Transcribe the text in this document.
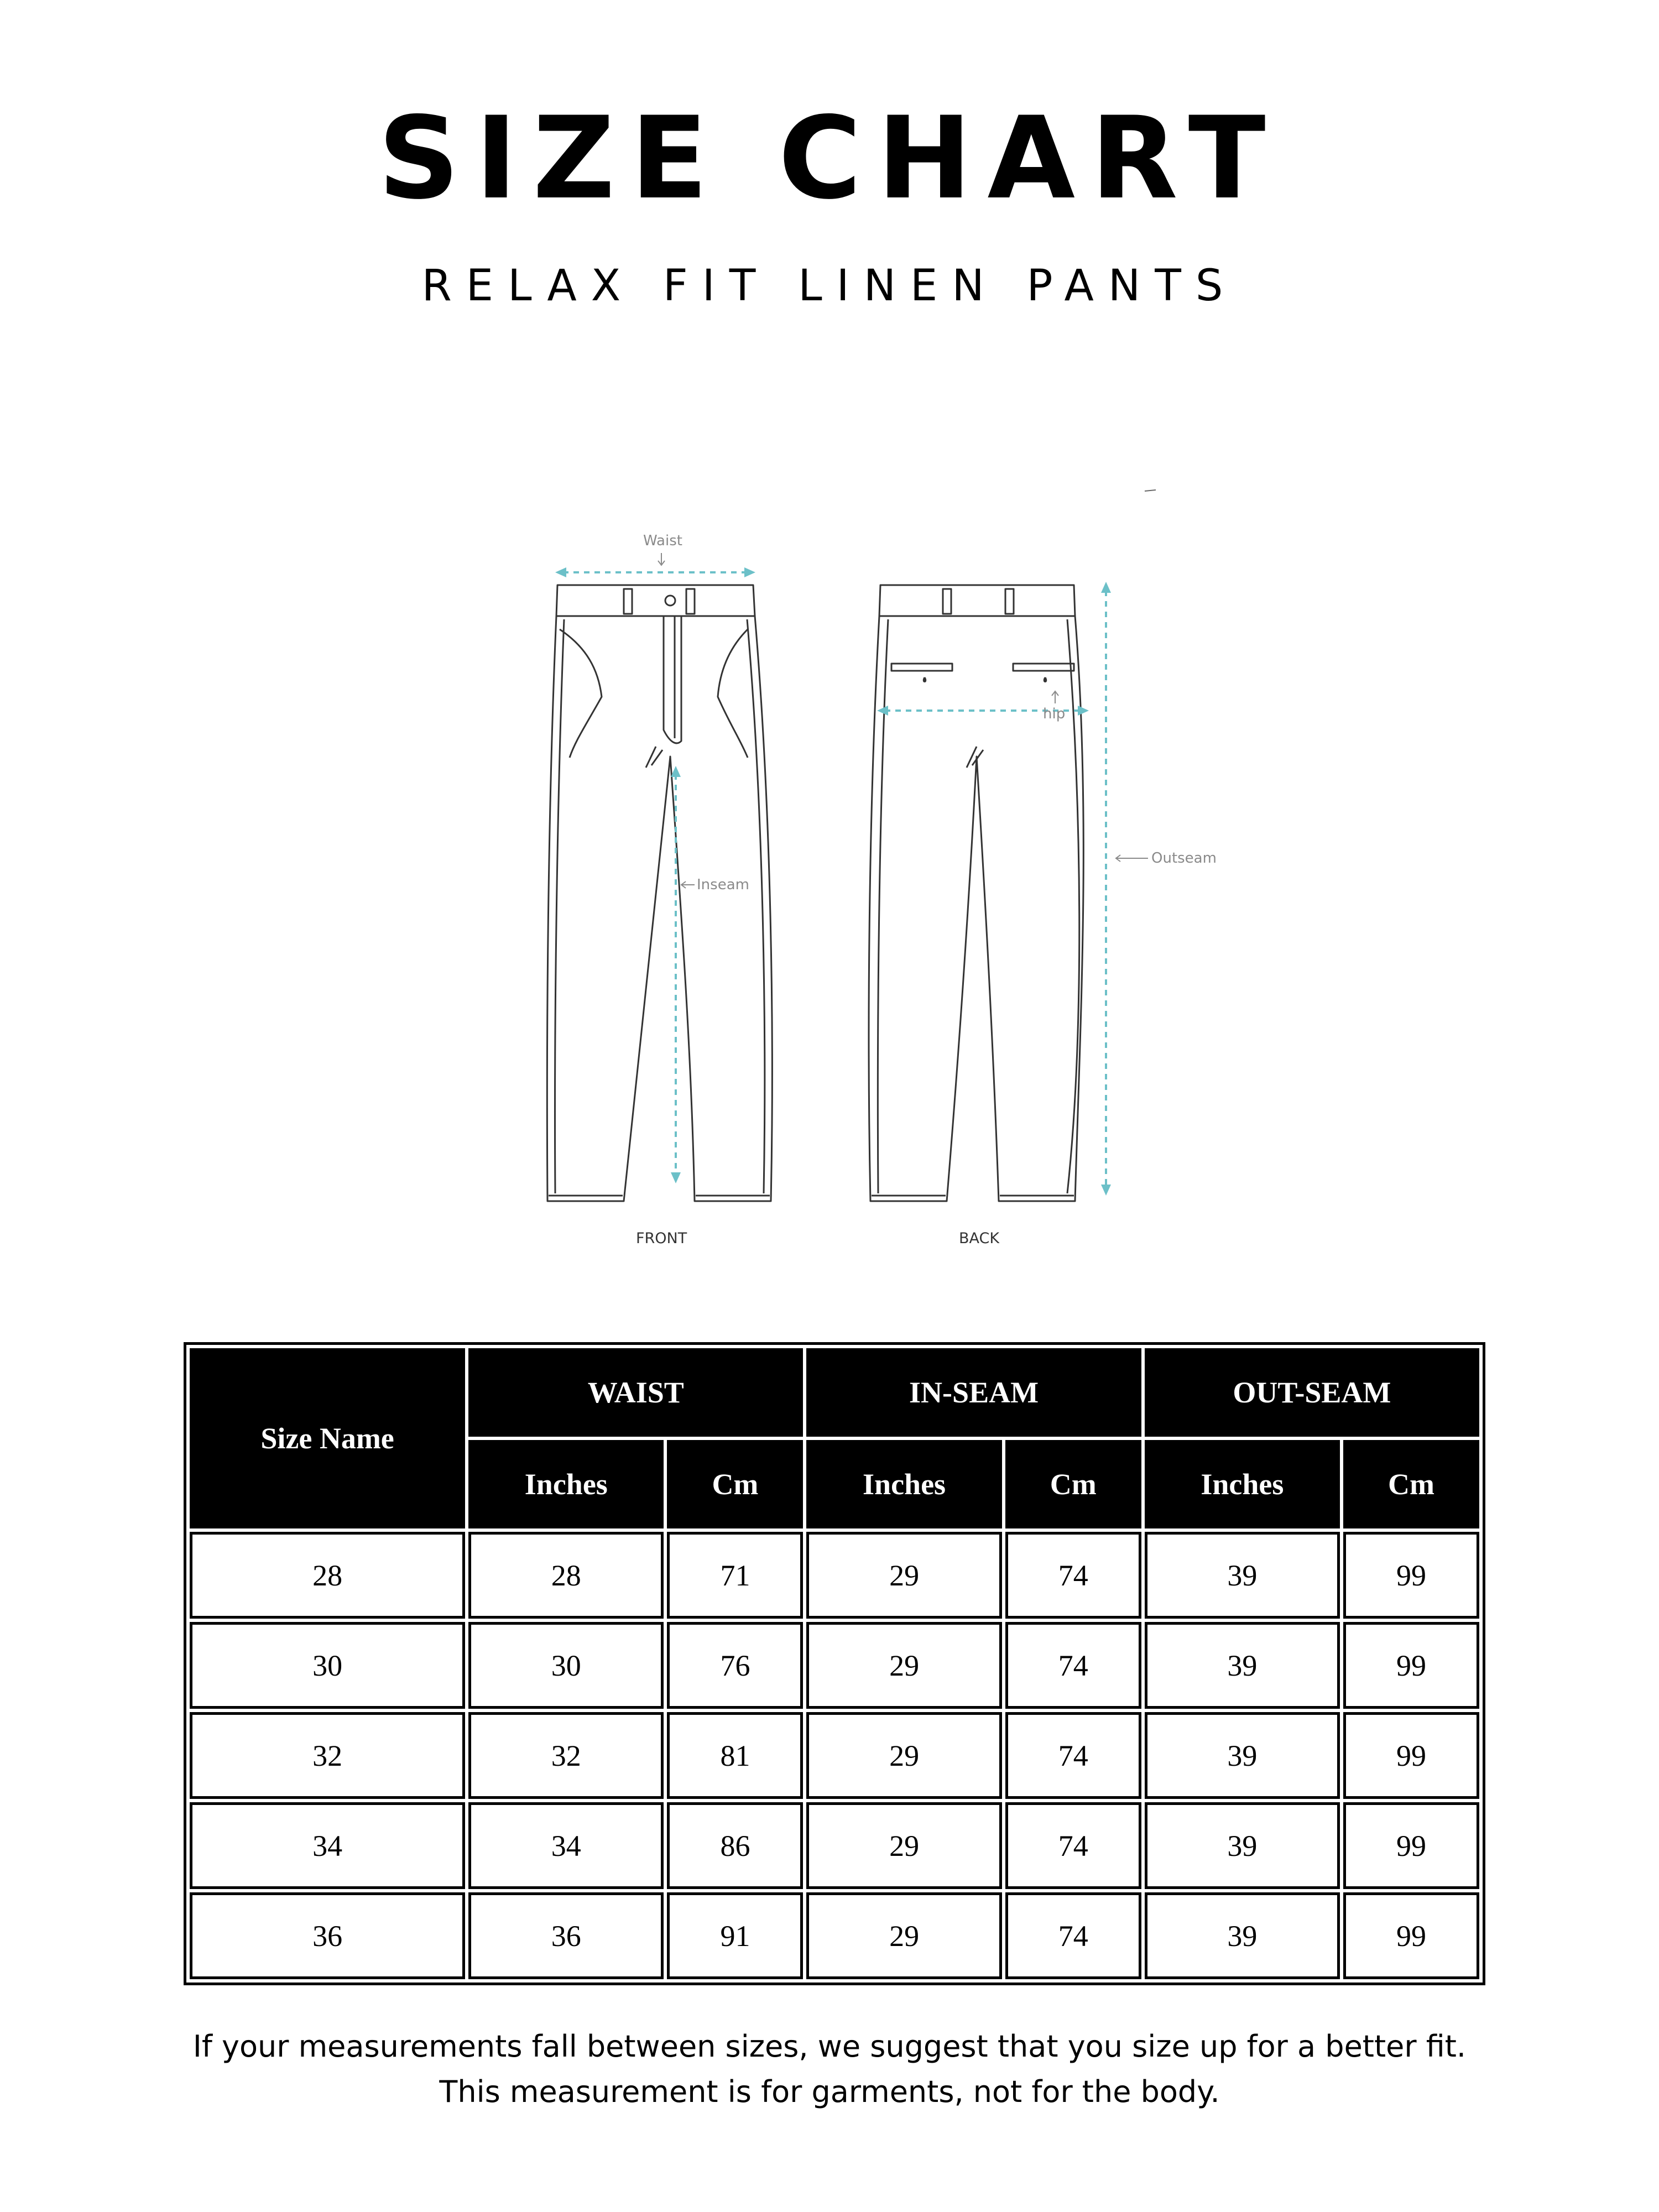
SIZE CHART
RELAX FIT LINEN PANTS
Waist
Inseam
hip
Outseam
FRONT	BACK
Size Name	WAIST		IN-SEAM		OUT-SEAM	
	Inches	Cm	Inches	Cm	Inches	Cm
28	28	71	29	74	39	99
30	30	76	29	74	39	99
32	32	81	29	74	39	99
34	34	86	29	74	39	99
36	36	91	29	74	39	99
If your measurements fall between sizes, we suggest that you size up for a better fit.
This measurement is for garments, not for the body.
